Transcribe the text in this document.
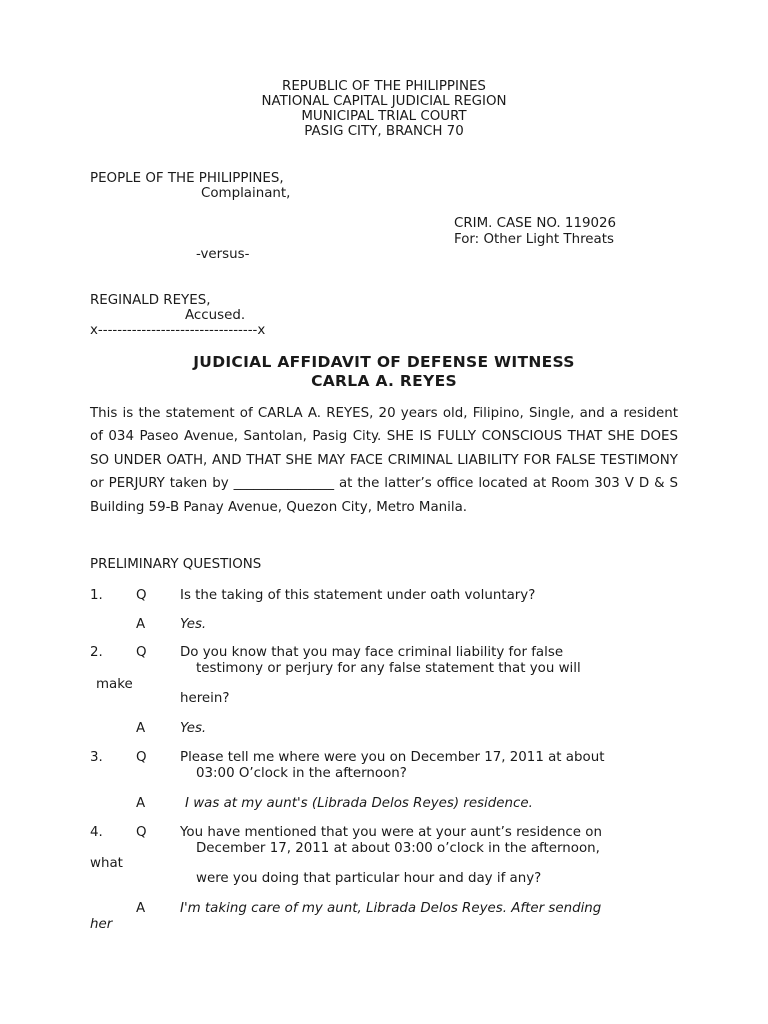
REPUBLIC OF THE PHILIPPINES
NATIONAL CAPITAL JUDICIAL REGION
MUNICIPAL TRIAL COURT
PASIG CITY, BRANCH 70
PEOPLE OF THE PHILIPPINES,
Complainant,
CRIM. CASE NO. 119026
For: Other Light Threats
-versus-
REGINALD REYES,
Accused.
x---------------------------------x
JUDICIAL AFFIDAVIT OF DEFENSE WITNESS
CARLA A. REYES
This is the statement of CARLA A. REYES, 20 years old, Filipino, Single, and a resident of 034 Paseo Avenue, Santolan, Pasig City. SHE IS FULLY CONSCIOUS THAT SHE DOES SO UNDER OATH, AND THAT SHE MAY FACE CRIMINAL LIABILITY FOR FALSE TESTIMONY or PERJURY taken by _______________ at the latter’s office located at Room 303 V D & S Building 59-B Panay Avenue, Quezon City, Metro Manila.
PRELIMINARY QUESTIONS
1. Q Is the taking of this statement under oath voluntary?
A	Yes.
2. Q Do you know that you may face criminal liability for false
testimony or perjury for any false statement that you will
make
herein?
A	Yes.
3. Q Please tell me where were you on December 17, 2011 at about
03:00 O’clock in the afternoon?
A	I was at my aunt's (Librada Delos Reyes) residence.
4. Q You have mentioned that you were at your aunt’s residence on
December 17, 2011 at about 03:00 o’clock in the afternoon,
what
were you doing that particular hour and day if any?
A	I'm taking care of my aunt, Librada Delos Reyes. After sending
her
